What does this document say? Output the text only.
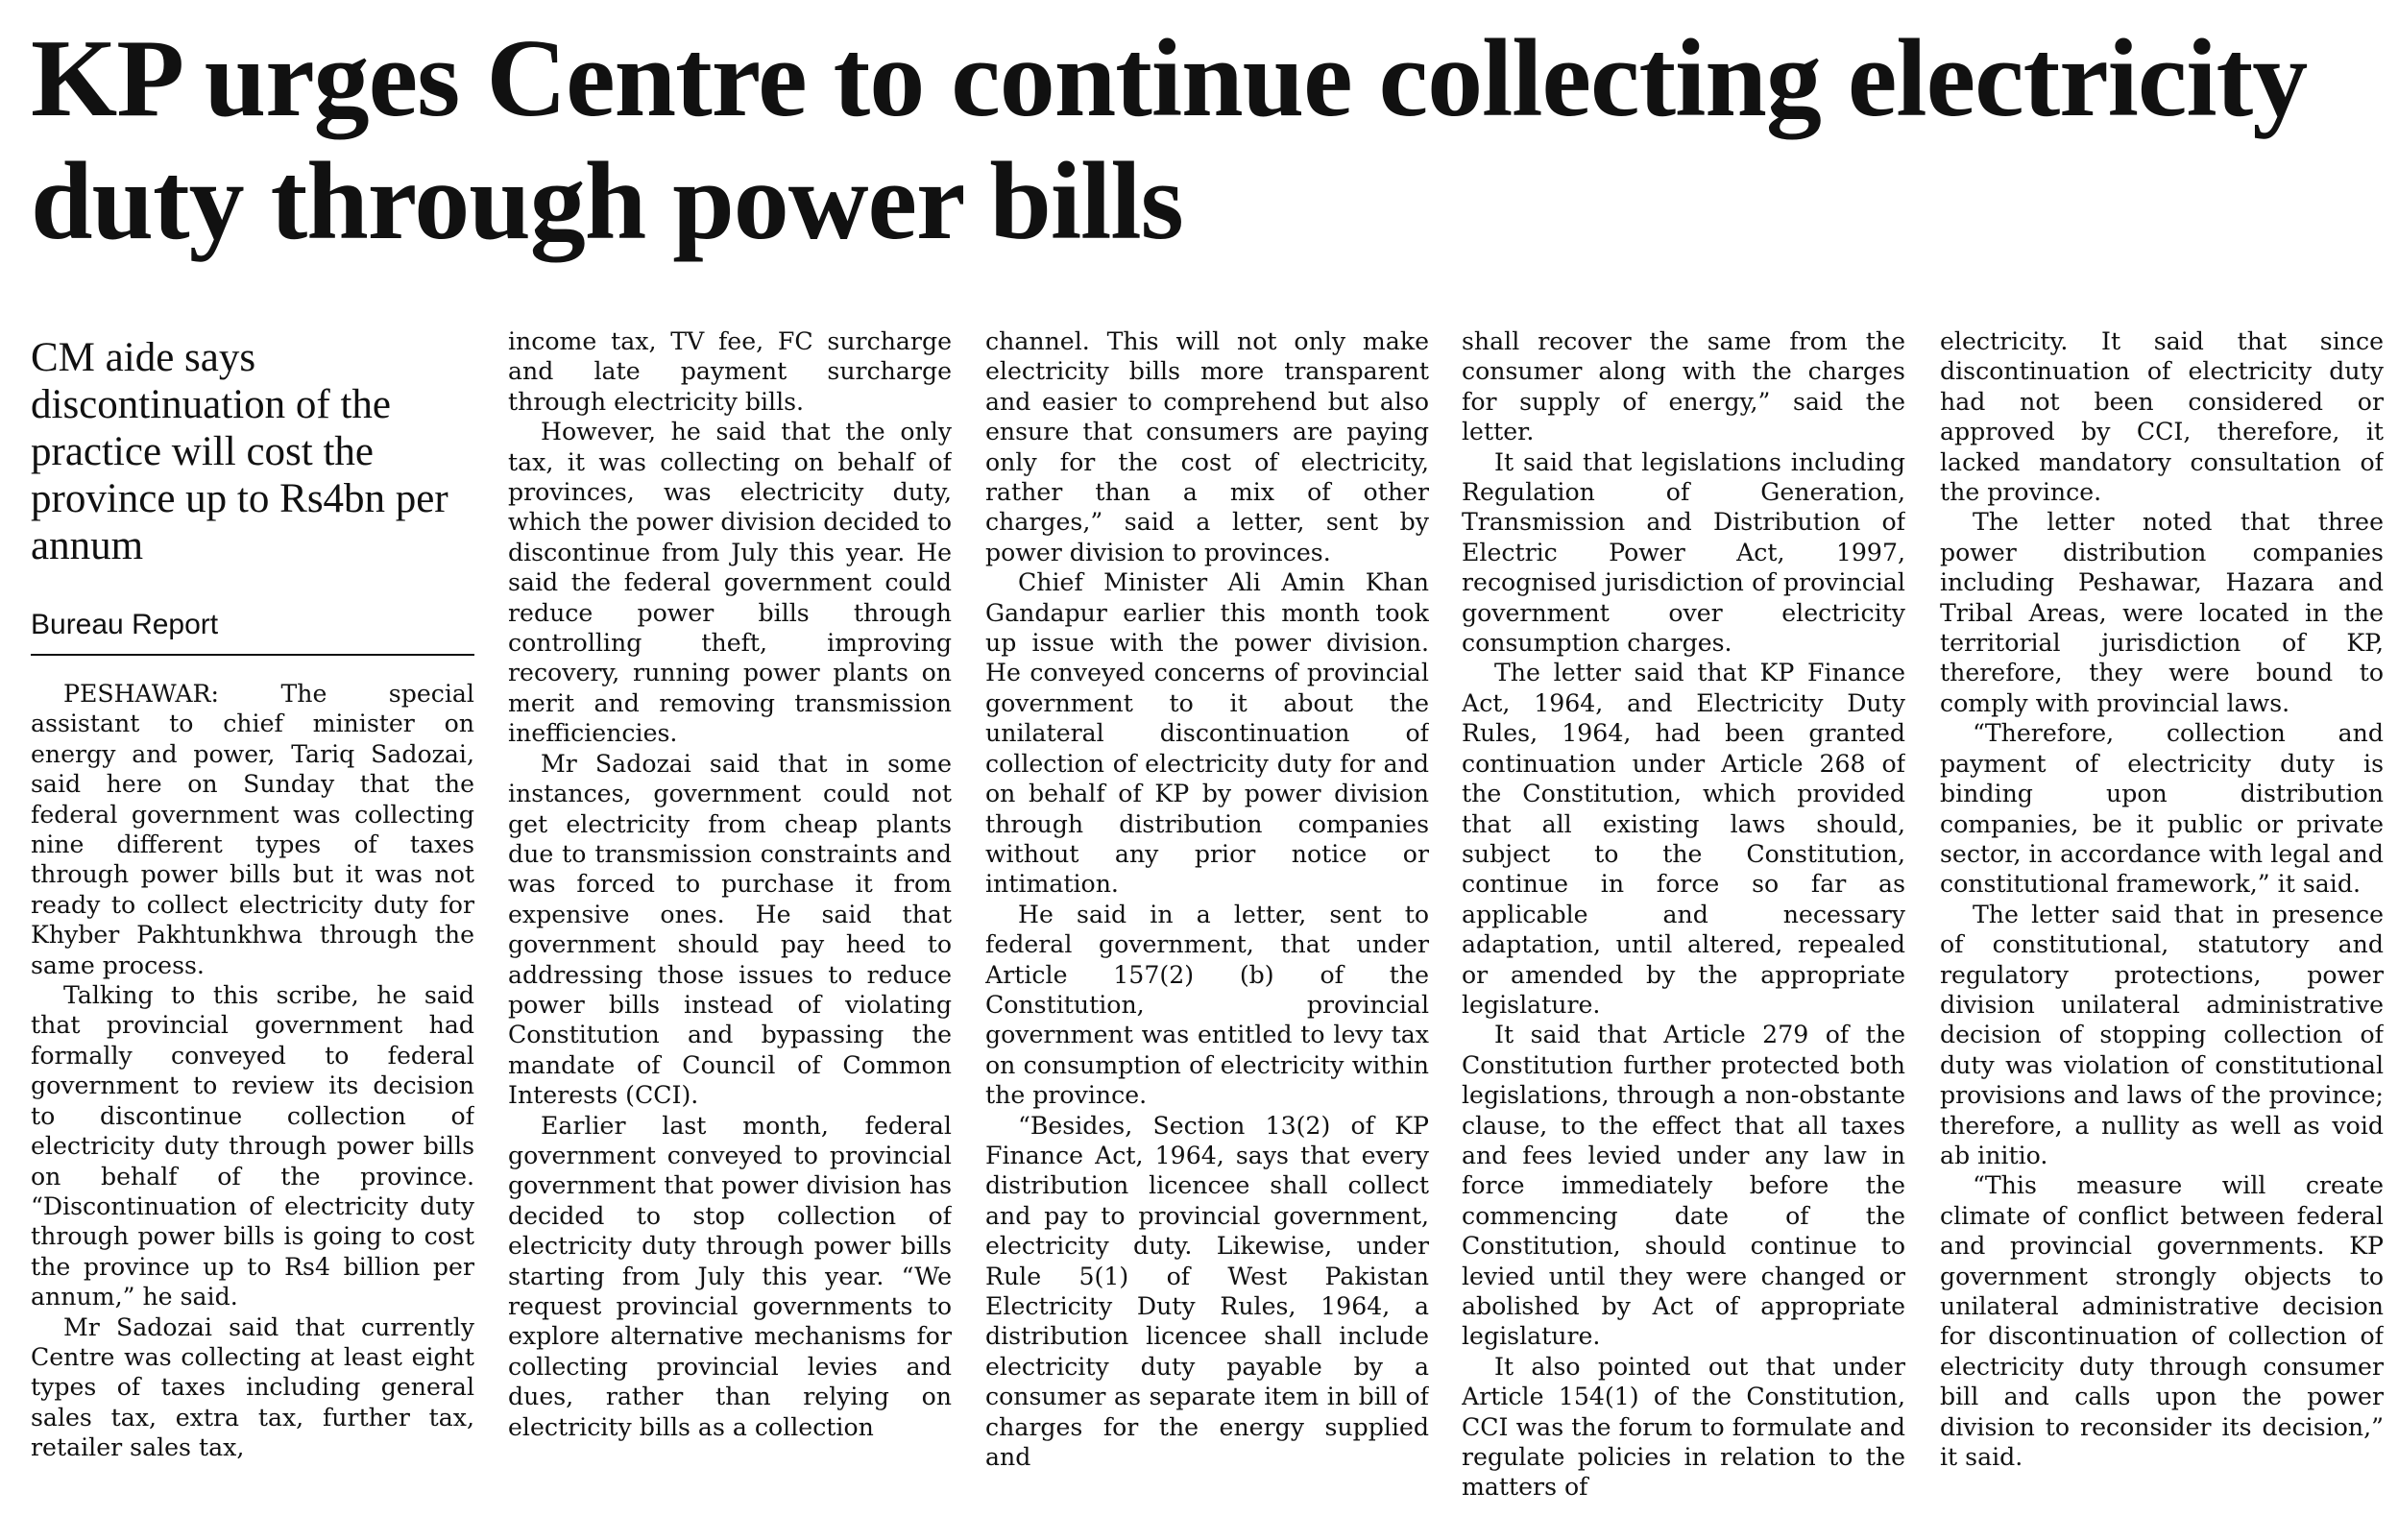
KP urges Centre to continue collecting electricity duty through power bills
CM aide says discontinuation of the practice will cost the province up to Rs4bn per annum
Bureau Report

PESHAWAR:	The special assistant to chief minister on energy and power, Tariq Sadozai, said here on Sunday that the federal government was collecting nine different types of taxes through power bills but it was not ready to collect electricity duty for Khyber Pakhtunkhwa through the same process.

Talking to this scribe, he said that provincial government had formally conveyed to federal government to review its decision to discontinue collection of electricity duty through power bills on behalf of the province. “Discontinuation of electricity duty through power bills is going to cost the province up to Rs4 billion per annum,” he said.

Mr Sadozai said that currently Centre was collecting at least eight types of taxes including general sales tax, extra tax, further tax, retailer sales tax,

income tax, TV fee, FC surcharge and late payment surcharge through electricity bills.

However, he said that the only tax, it was collecting on behalf of provinces, was electricity duty, which the power division decided to discontinue from July this year. He said the federal government could reduce power bills through controlling theft, improving recovery, running power plants on merit and removing transmission inefficiencies.

Mr Sadozai said that in some instances, government could not get electricity from cheap plants due to transmission constraints and was forced to purchase it from expensive ones. He said that government should pay heed to addressing those issues to reduce power bills instead of violating Constitution and bypassing the mandate of Council of Common Interests (CCI).

Earlier last month, federal government conveyed to provincial government that power division has decided to stop collection of electricity duty through power bills starting from July this year. “We request provincial governments to explore alternative mechanisms for collecting provincial levies and dues, rather than relying on electricity bills as a collection

channel. This will not only make electricity bills more transparent and easier to comprehend but also ensure that consumers are paying only for the cost of electricity, rather than a mix of other charges,” said a letter, sent by power division to provinces.

Chief Minister Ali Amin Khan Gandapur earlier this month took up issue with the power division. He conveyed concerns of provincial government to it about the unilateral discontinuation of collection of electricity duty for and on behalf of KP by power division through distribution companies without any prior notice or intimation.

He said in a letter, sent to federal government, that under Article 157(2) (b) of the Constitution, provincial government was entitled to levy tax on consumption of electricity within the province.

“Besides, Section 13(2) of KP Finance Act, 1964, says that every distribution licencee shall collect and pay to provincial government, electricity duty. Likewise, under Rule 5(1) of West Pakistan Electricity Duty Rules, 1964, a distribution licencee shall include electricity duty payable by a consumer as separate item in bill of charges for the energy supplied and

shall recover the same from the consumer along with the charges for supply of energy,” said the letter.

It said that legislations including Regulation of Generation, Transmission and Distribution of Electric Power Act, 1997, recognised jurisdiction of provincial government over electricity consumption charges.

The letter said that KP Finance Act, 1964, and Electricity Duty Rules, 1964, had been granted continuation under Article 268 of the Constitution, which provided that all existing laws should, subject to the Constitution, continue in force so far as applicable and necessary adaptation, until altered, repealed or amended by the appropriate legislature.

It said that Article 279 of the Constitution further protected both legislations, through a non-obstante clause, to the effect that all taxes and fees levied under any law in force immediately before the commencing date of the Constitution, should continue to levied until they were changed or abolished by Act of appropriate legislature.

It also pointed out that under Article 154(1) of the Constitution, CCI was the forum to formulate and regulate policies in relation to the matters of

electricity. It said that since discontinuation of electricity duty had not been considered or approved by CCI, therefore, it lacked mandatory consultation of the province.

The letter noted that three power distribution companies including Peshawar, Hazara and Tribal Areas, were located in the territorial jurisdiction of KP, therefore, they were bound to comply with provincial laws.

“Therefore, collection and payment of electricity duty is binding upon distribution companies, be it public or private sector, in accordance with legal and constitutional framework,” it said.

The letter said that in presence of constitutional, statutory and regulatory protections, power division unilateral administrative decision of stopping collection of duty was violation of constitutional provisions and laws of the province; therefore, a nullity as well as void ab initio.

“This measure will create climate of conflict between federal and provincial governments. KP government strongly objects to unilateral administrative decision for discontinuation of collection of electricity duty through consumer bill and calls upon the power division to reconsider its decision,” it said.
